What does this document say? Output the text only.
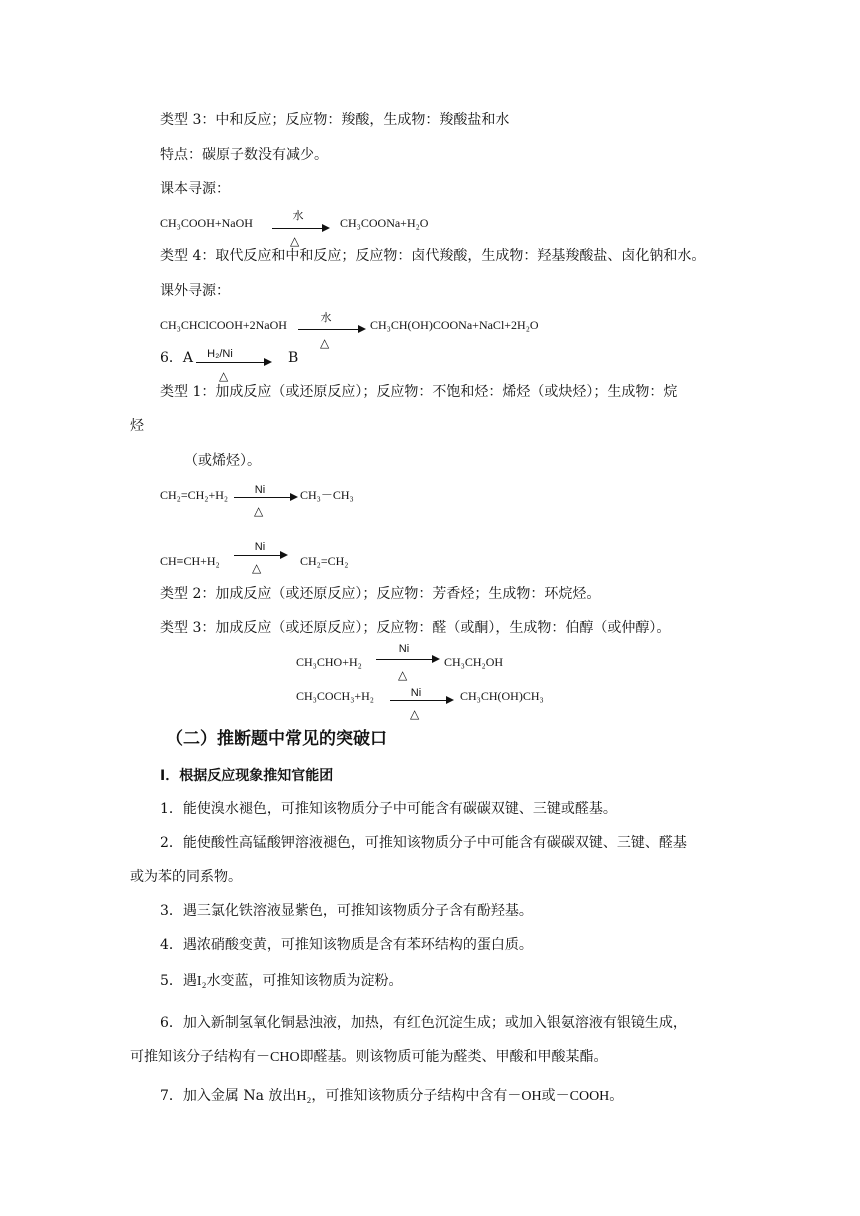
类型 3：中和反应；反应物：羧酸，生成物：羧酸盐和水
特点：碳原子数没有减少。
课本寻源：
CH₃COOH+NaOH	水
△
CH₃COONa+H₂O
类型 4：取代反应和中和反应；反应物：卤代羧酸，生成物：羟基羧酸盐、卤化钠和水。
课外寻源：
CH₃CHClCOOH+2NaOH	水
△
CH₃CH(OH)COONa+NaCl+2H₂O
6．A	H₂/Ni
△
B
类型 1：加成反应（或还原反应）；反应物：不饱和烃：烯烃（或炔烃）；生成物：烷
烃
（或烯烃）。
CH₂=CH₂+H₂	Ni
△
CH₃－CH₃
CH≡CH+H₂
Ni
△	CH₂=CH₂
类型 2：加成反应（或还原反应）；反应物：芳香烃；生成物：环烷烃。
类型 3：加成反应（或还原反应）；反应物：醛（或酮），生成物：伯醇（或仲醇）。
CH₃CHO+H₂
Ni
△
CH₃CH₂OH
CH₃COCH₃+H₂	Ni
△
CH₃CH(OH)CH₃
（二）推断题中常见的突破口
Ⅰ．根据反应现象推知官能团
1．能使溴水褪色，可推知该物质分子中可能含有碳碳双键、三键或醛基。
2．能使酸性高锰酸钾溶液褪色，可推知该物质分子中可能含有碳碳双键、三键、醛基
或为苯的同系物。
3．遇三氯化铁溶液显紫色，可推知该物质分子含有酚羟基。
4．遇浓硝酸变黄，可推知该物质是含有苯环结构的蛋白质。
5．遇I₂水变蓝，可推知该物质为淀粉。
6．加入新制氢氧化铜悬浊液，加热，有红色沉淀生成；或加入银氨溶液有银镜生成，
可推知该分子结构有－CHO即醛基。则该物质可能为醛类、甲酸和甲酸某酯。
7．加入金属 Na 放出H₂，可推知该物质分子结构中含有－OH或－COOH。
